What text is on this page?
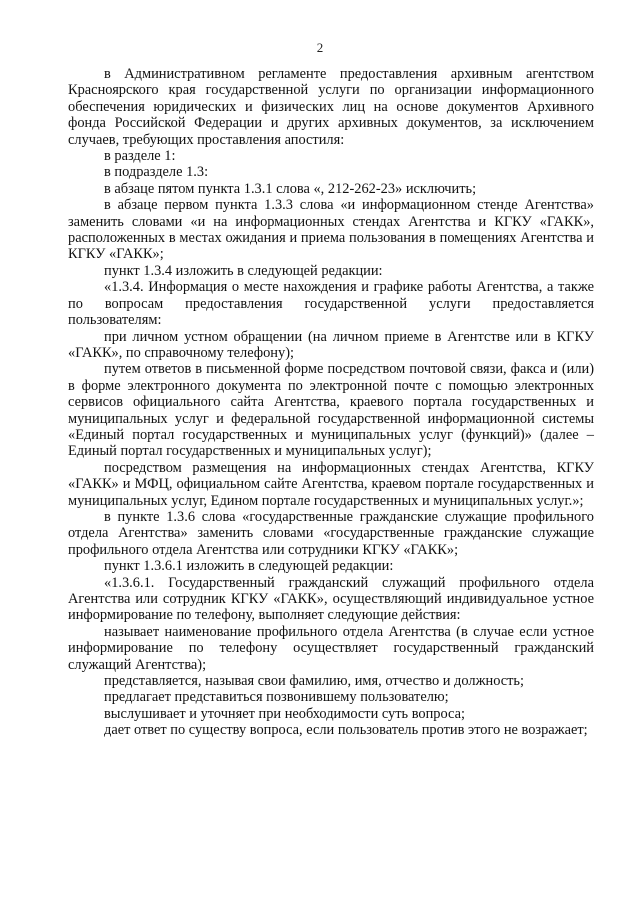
2

в Административном регламенте предоставления архивным агентством Красноярского края государственной услуги по организации информационного обеспечения юридических и физических лиц на основе документов Архивного фонда Российской Федерации и других архивных документов, за исключением случаев, требующих проставления апостиля:

в разделе 1:

в подразделе 1.3:

в абзаце пятом пункта 1.3.1 слова «, 212-262-23» исключить;

в абзаце первом пункта 1.3.3 слова «и информационном стенде Агентства» заменить словами «и на информационных стендах Агентства и КГКУ «ГАКК», расположенных в местах ожидания и приема пользования в помещениях Агентства и КГКУ «ГАКК»;

пункт 1.3.4 изложить в следующей редакции:

«1.3.4. Информация о месте нахождения и графике работы Агентства, а также по вопросам предоставления государственной услуги предоставляется пользователям:

при личном устном обращении (на личном приеме в Агентстве или в КГКУ «ГАКК», по справочному телефону);

путем ответов в письменной форме посредством почтовой связи, факса и (или) в форме электронного документа по электронной почте с помощью электронных сервисов официального сайта Агентства, краевого портала государственных и муниципальных услуг и федеральной государственной информационной системы «Единый портал государственных и муниципальных услуг (функций)» (далее – Единый портал государственных и муниципальных услуг);

посредством размещения на информационных стендах Агентства, КГКУ «ГАКК» и МФЦ, официальном сайте Агентства, краевом портале государственных и муниципальных услуг, Едином портале государственных и муниципальных услуг.»;

в пункте 1.3.6 слова «государственные гражданские служащие профильного отдела Агентства» заменить словами «государственные гражданские служащие профильного отдела Агентства или сотрудники КГКУ «ГАКК»;

пункт 1.3.6.1 изложить в следующей редакции:

«1.3.6.1. Государственный гражданский служащий профильного отдела Агентства или сотрудник КГКУ «ГАКК», осуществляющий индивидуальное устное информирование по телефону, выполняет следующие действия:

называет наименование профильного отдела Агентства (в случае если устное информирование по телефону осуществляет государственный гражданский служащий Агентства);

представляется, называя свои фамилию, имя, отчество и должность;

предлагает представиться позвонившему пользователю;

выслушивает и уточняет при необходимости суть вопроса;

дает ответ по существу вопроса, если пользователь против этого не возражает;
